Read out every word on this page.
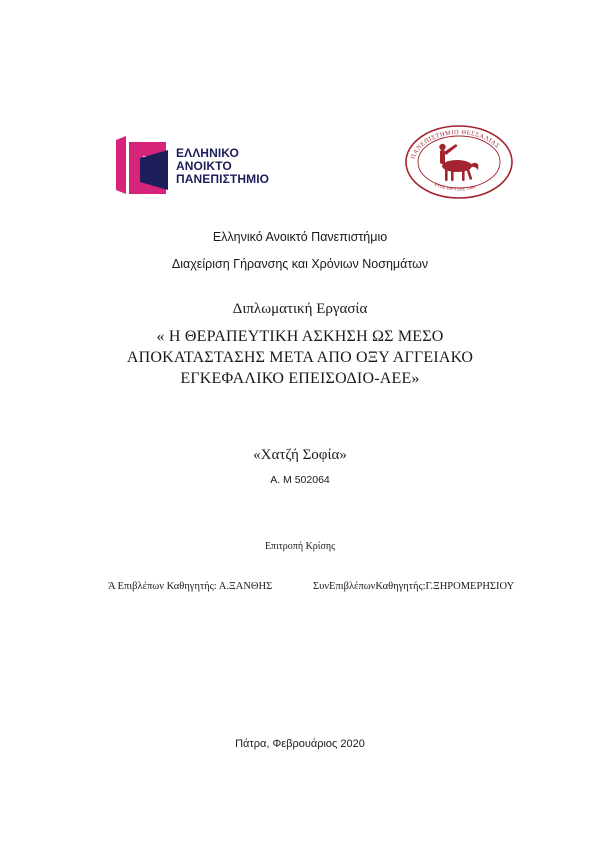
ΕΛΛΗΝΙΚΟ
ΑΝΟΙΚΤΟ
ΠΑΝΕΠΙΣΤΗΜΙΟ
ΠΑΝΕΠΙΣΤΗΜΙΟ ΘΕΣΣΑΛΙΑΣ
ΕΤΟΣ ΙΔΡΥΣΗΣ 1984
Ελληνικό Ανοικτό Πανεπιστήμιο
Διαχείριση Γήρανσης και Χρόνιων Νοσημάτων
Διπλωματική Εργασία
« Η ΘΕΡΑΠΕΥΤΙΚΗ ΑΣΚΗΣΗ ΩΣ ΜΕΣΟ
ΑΠΟΚΑΤΑΣΤΑΣΗΣ ΜΕΤΑ ΑΠΟ ΟΞΥ ΑΓΓΕΙΑΚΟ
ΕΓΚΕΦΑΛΙΚΟ ΕΠΕΙΣΟΔΙΟ-ΑΕΕ»
«Χατζή Σοφία»
Α. Μ 502064
Επιτροπή Κρίσης
Ά Επιβλέπων Καθηγητής: Α.ΞΑΝΘΗΣ	ΣυνΕπιβλέπωνΚαθηγητής:Γ.ΞΗΡΟΜΕΡΗΣΙΟΥ
Πάτρα, Φεβρουάριος 2020
